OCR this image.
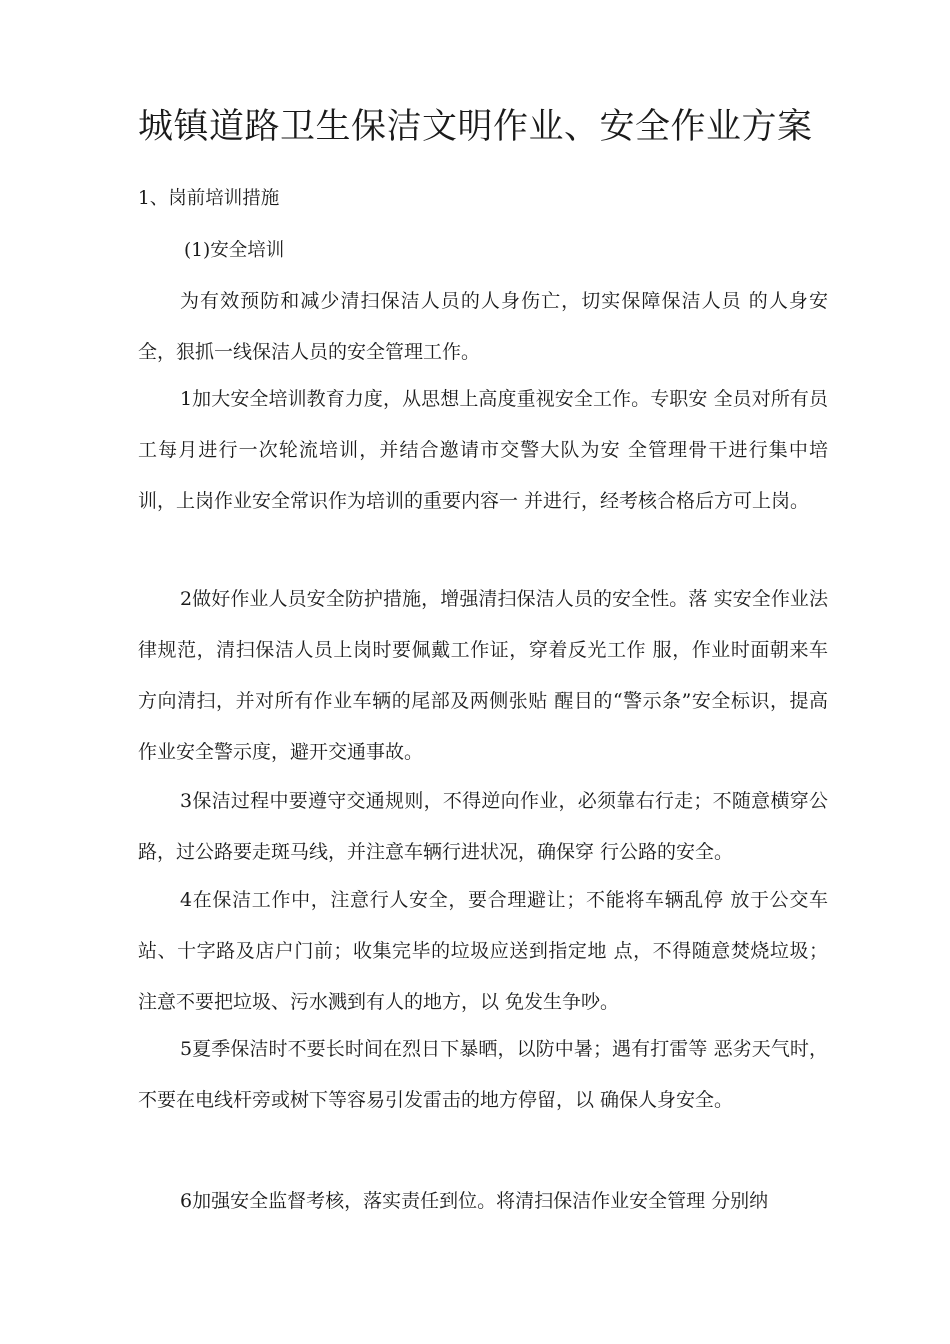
城镇道路卫生保洁文明作业、安全作业方案

1、岗前培训措施

(1)安全培训

为有效预防和减少清扫保洁人员的人身伤亡，切实保障保洁人员 的人身安全，狠抓一线保洁人员的安全管理工作。

1加大安全培训教育力度，从思想上高度重视安全工作。专职安 全员对所有员工每月进行一次轮流培训，并结合邀请市交警大队为安 全管理骨干进行集中培训，上岗作业安全常识作为培训的重要内容一 并进行，经考核合格后方可上岗。

2做好作业人员安全防护措施，增强清扫保洁人员的安全性。落 实安全作业法律规范，清扫保洁人员上岗时要佩戴工作证，穿着反光工作 服，作业时面朝来车方向清扫，并对所有作业车辆的尾部及两侧张贴 醒目的“警示条”安全标识，提高作业安全警示度，避开交通事故。

3保洁过程中要遵守交通规则，不得逆向作业，必须靠右行走；不随意横穿公路，过公路要走斑马线，并注意车辆行进状况，确保穿 行公路的安全。

4在保洁工作中，注意行人安全，要合理避让；不能将车辆乱停 放于公交车站、十字路及店户门前；收集完毕的垃圾应送到指定地 点，不得随意焚烧垃圾；注意不要把垃圾、污水溅到有人的地方，以 免发生争吵。

5夏季保洁时不要长时间在烈日下暴晒，以防中暑；遇有打雷等 恶劣天气时，不要在电线杆旁或树下等容易引发雷击的地方停留，以 确保人身安全。

6加强安全监督考核，落实责任到位。将清扫保洁作业安全管理 分别纳
